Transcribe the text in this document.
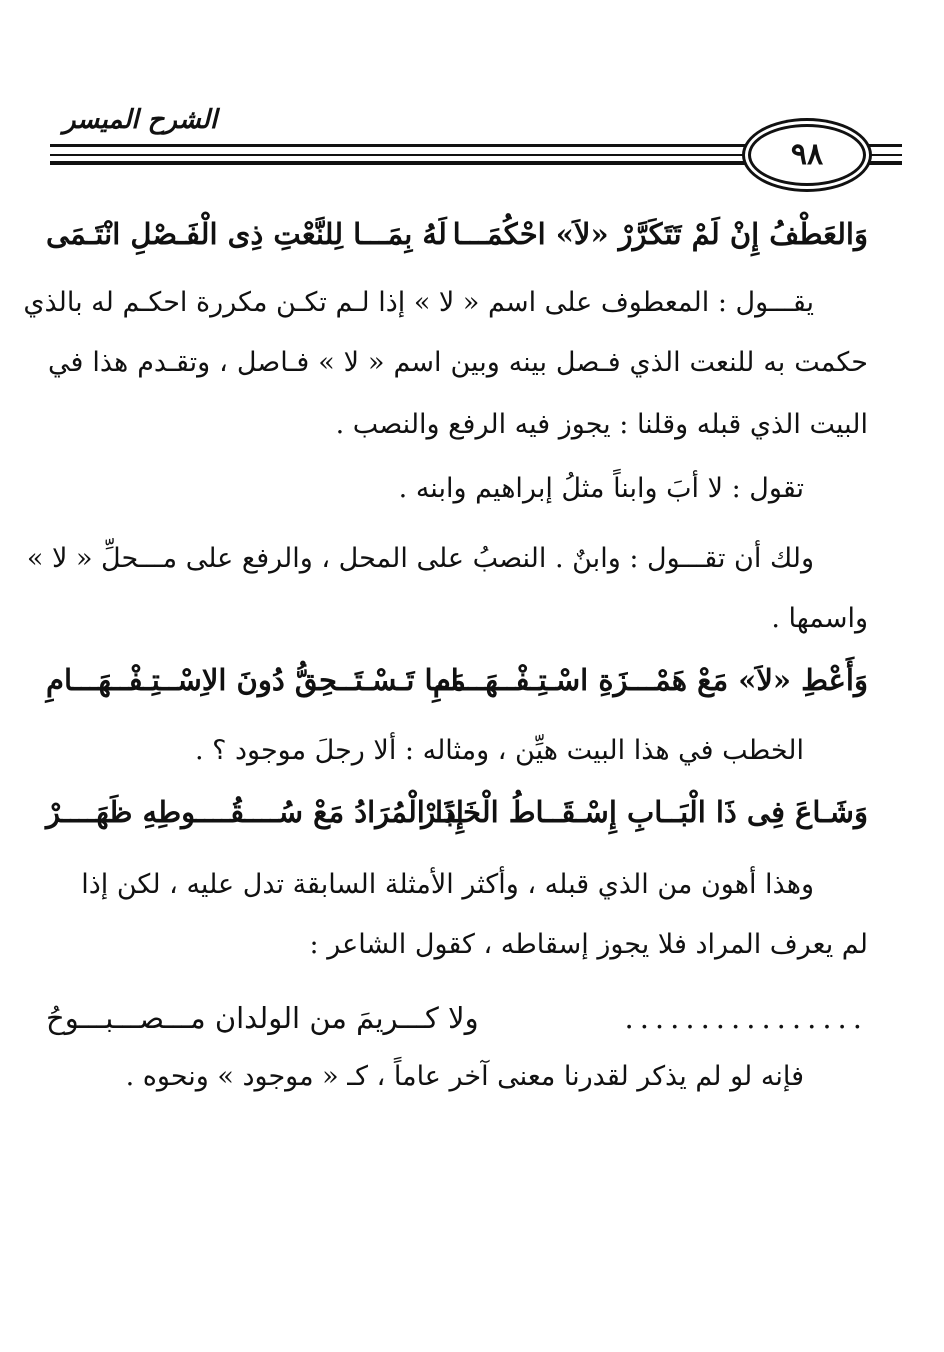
الشرح الميسر
٩٨
وَالعَطْفُ إِنْ لَمْ تَتَكَرَّرْ «لاَ» احْكُمَـــا
لَهُ بِمَـــا لِلنَّعْتِ ذِى الْفَـصْلِ انْتَـمَى
يقـــول : المعطوف على اسم « لا » إذا لـم تكـن مكررة احكـم له بالذي
حكمت به للنعت الذي فـصل بينه وبين اسم « لا » فـاصل ، وتقـدم هذا في
البيت الذي قبله وقلنا : يجوز فيه الرفع والنصب .
تقول : لا أبَ وابناً مثلُ إبراهيم وابنه .
ولك أن تقـــول : وابنٌ . النصبُ على المحل ، والرفع على مـــحلِّ « لا »
واسمها .
وَأَعْطِ «لاَ» مَعْ هَمْـــزَةِ اسْـتِـفْــهَـــامِ
مَــا تَـسْـتَــحِقُّ دُونَ الاِسْــتِـفْــهَـــامِ
الخطب في هذا البيت هيِّن ، ومثاله : ألا رجلَ موجود ؟ .
وَشَـاعَ فِى ذَا الْبَــابِ إِسْـقَــاطُ الْخَـبَـرْ
إِذَا الْمُرَادُ مَعْ سُــــقُــــوطِهِ ظَهَــــرْ
وهذا أهون من الذي قبله ، وأكثر الأمثلة السابقة تدل عليه ، لكن إذا
لم يعرف المراد فلا يجوز إسقاطه ، كقول الشاعر :
................
ولا كـــريمَ من الولدان مـــصـــبـــوحُ
فإنه لو لم يذكر لقدرنا معنى آخر عاماً ، كـ « موجود » ونحوه .
